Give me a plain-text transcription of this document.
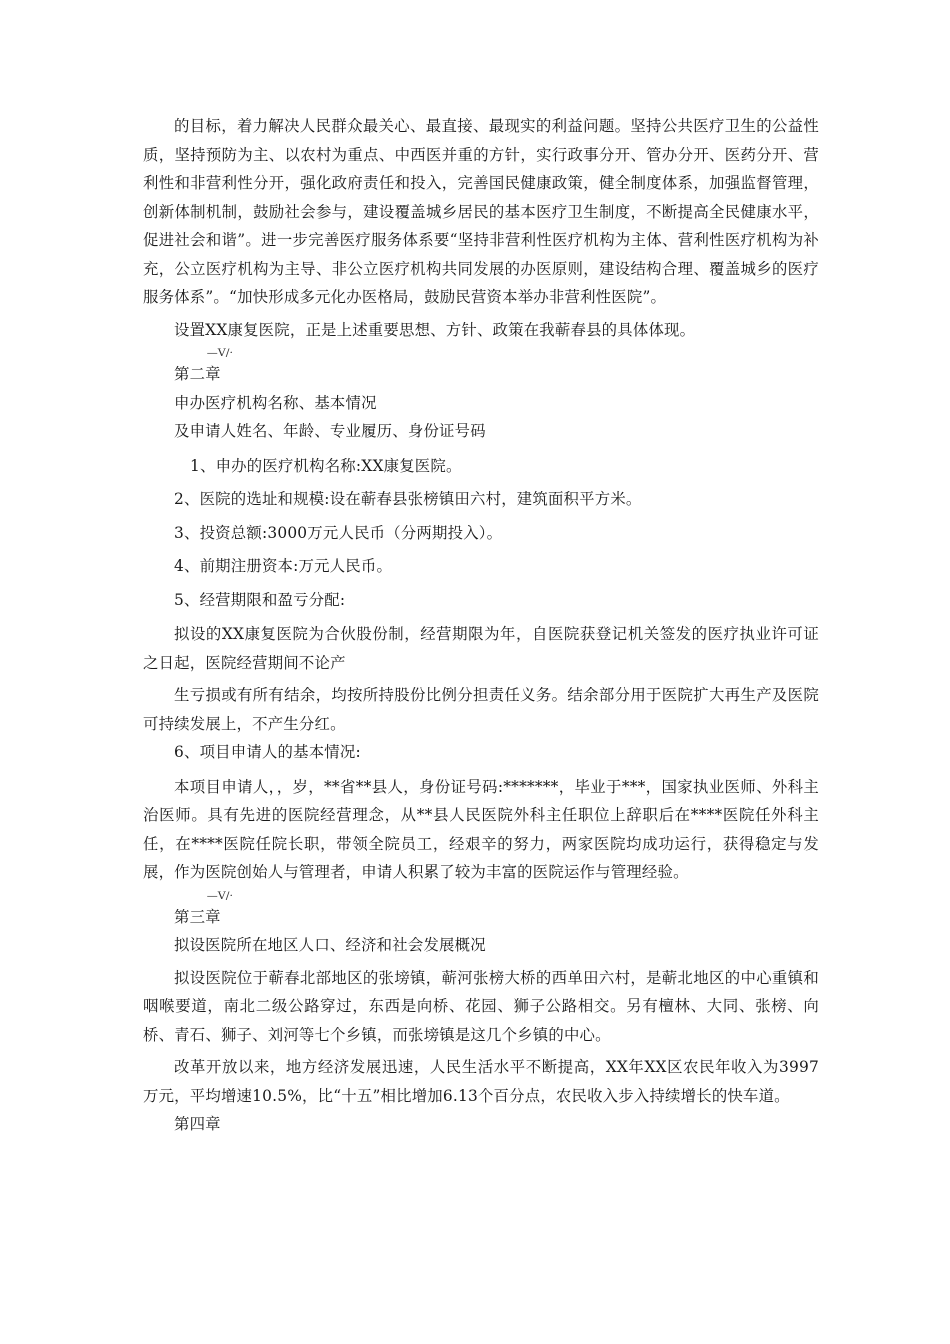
的目标，着力解决人民群众最关心、最直接、最现实的利益问题。坚持公共医疗卫生的公益性质，坚持预防为主、以农村为重点、中西医并重的方针，实行政事分开、管办分开、医药分开、营利性和非营利性分开，强化政府责任和投入，完善国民健康政策，健全制度体系，加强监督管理，创新体制机制，鼓励社会参与，建设覆盖城乡居民的基本医疗卫生制度，不断提高全民健康水平，促进社会和谐”。进一步完善医疗服务体系要“坚持非营利性医疗机构为主体、营利性医疗机构为补充，公立医疗机构为主导、非公立医疗机构共同发展的办医原则，建设结构合理、覆盖城乡的医疗服务体系”。“加快形成多元化办医格局，鼓励民营资本举办非营利性医院”。

设置XX康复医院，正是上述重要思想、方针、政策在我蕲春县的具体体现。

—V/·

第二章

申办医疗机构名称、基本情况

及申请人姓名、年龄、专业履历、身份证号码

1、申办的医疗机构名称:XX康复医院。

2、医院的选址和规模:设在蕲春县张榜镇田六村，建筑面积平方米。

3、投资总额:3000万元人民币（分两期投入）。

4、前期注册资本:万元人民币。

5、经营期限和盈亏分配:

拟设的XX康复医院为合伙股份制，经营期限为年，自医院获登记机关签发的医疗执业许可证之日起，医院经营期间不论产

生亏损或有所有结余，均按所持股份比例分担责任义务。结余部分用于医院扩大再生产及医院可持续发展上，不产生分红。

6、项目申请人的基本情况:

本项目申请人，，岁，**省**县人，身份证号码:*******，毕业于***，国家执业医师、外科主治医师。具有先进的医院经营理念，从**县人民医院外科主任职位上辞职后在****医院任外科主任，在****医院任院长职，带领全院员工，经艰辛的努力，两家医院均成功运行，获得稳定与发展，作为医院创始人与管理者，申请人积累了较为丰富的医院运作与管理经验。

—V/·

第三章

拟设医院所在地区人口、经济和社会发展概况

拟设医院位于蕲春北部地区的张塝镇，蕲河张榜大桥的西单田六村，是蕲北地区的中心重镇和咽喉要道，南北二级公路穿过，东西是向桥、花园、狮子公路相交。另有檀林、大同、张榜、向桥、青石、狮子、刘河等七个乡镇，而张塝镇是这几个乡镇的中心。

改革开放以来，地方经济发展迅速，人民生活水平不断提高，XX年XX区农民年收入为3997万元，平均增速10.5%，比“十五”相比增加6.13个百分点，农民收入步入持续增长的快车道。

第四章
